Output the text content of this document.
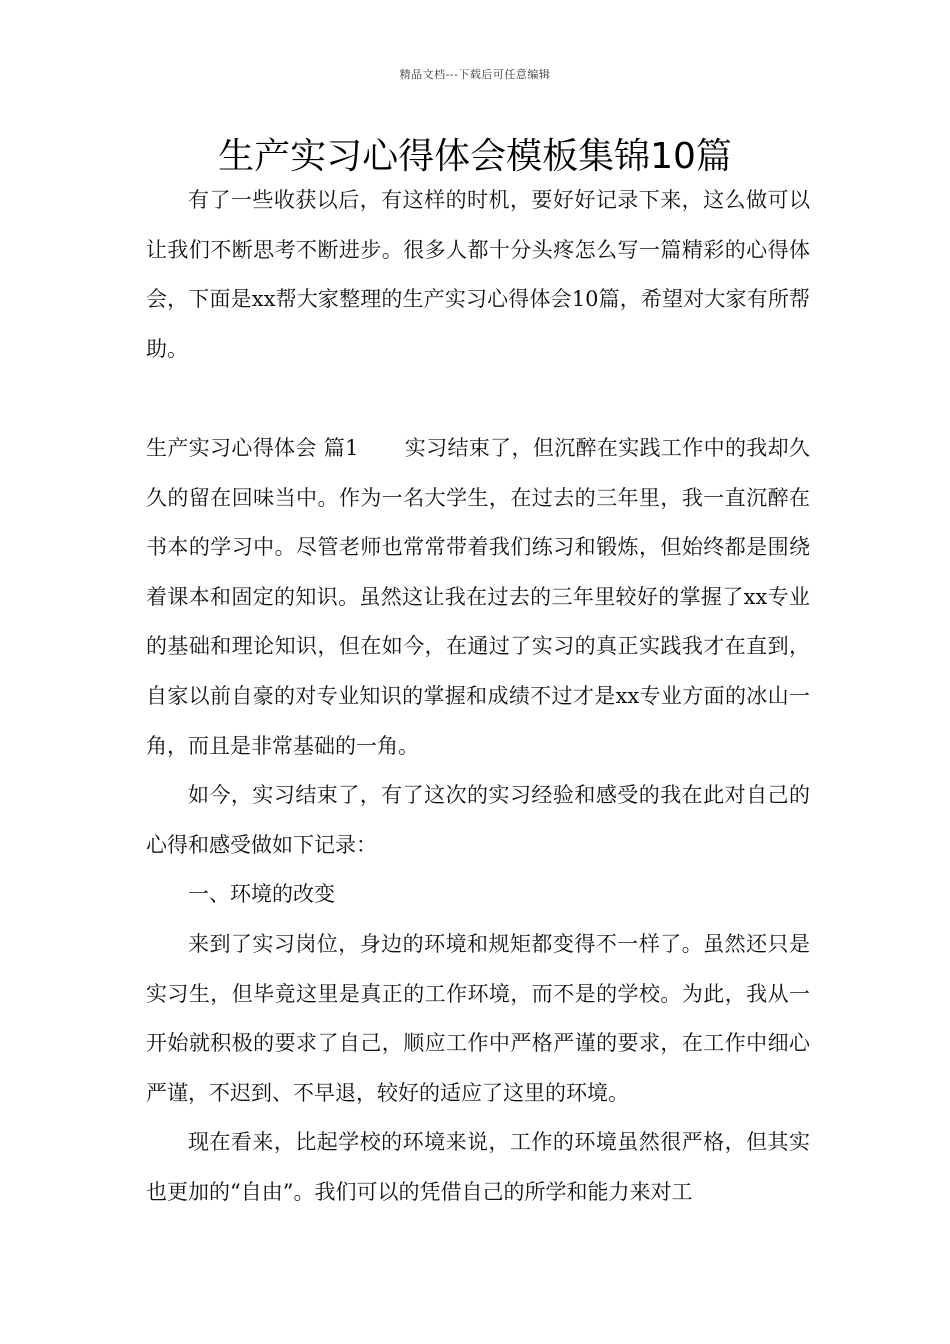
精品文档---下载后可任意编辑
生产实习心得体会模板集锦10篇

有了一些收获以后，有这样的时机，要好好记录下来，这么做可以让我们不断思考不断进步。很多人都十分头疼怎么写一篇精彩的心得体会，下面是xx帮大家整理的生产实习心得体会10篇，希望对大家有所帮助。

生产实习心得体会 篇1 实习结束了，但沉醉在实践工作中的我却久久的留在回味当中。作为一名大学生，在过去的三年里，我一直沉醉在书本的学习中。尽管老师也常常带着我们练习和锻炼，但始终都是围绕着课本和固定的知识。虽然这让我在过去的三年里较好的掌握了xx专业的基础和理论知识，但在如今，在通过了实习的真正实践我才在直到，自家以前自豪的对专业知识的掌握和成绩不过才是xx专业方面的冰山一角，而且是非常基础的一角。

如今，实习结束了，有了这次的实习经验和感受的我在此对自己的心得和感受做如下记录：

一、环境的改变

来到了实习岗位，身边的环境和规矩都变得不一样了。虽然还只是实习生，但毕竟这里是真正的工作环境，而不是的学校。为此，我从一开始就积极的要求了自己，顺应工作中严格严谨的要求，在工作中细心严谨，不迟到、不早退，较好的适应了这里的环境。

现在看来，比起学校的环境来说，工作的环境虽然很严格，但其实也更加的“自由”。我们可以的凭借自己的所学和能力来对工
